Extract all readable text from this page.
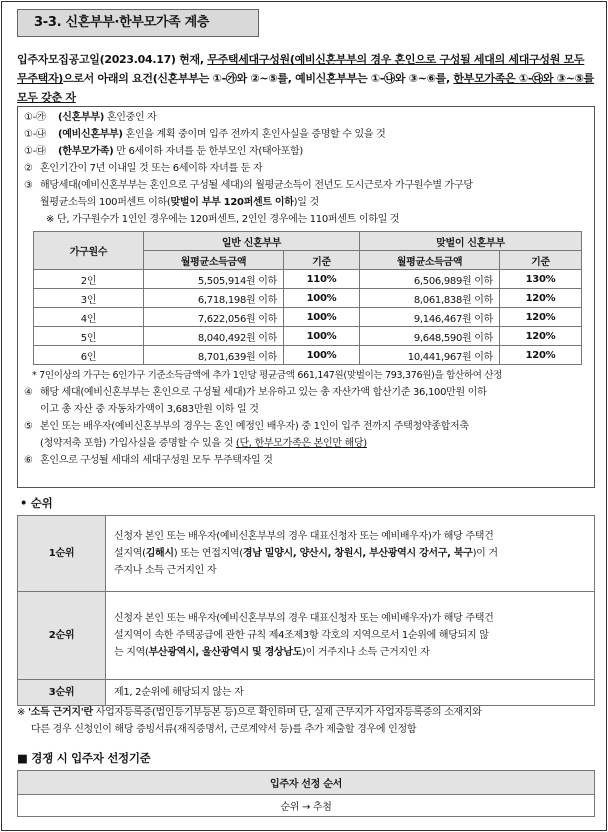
3-3. 신혼부부·한부모가족 계층
입주자모집공고일(2023.04.17) 현재, 무주택세대구성원(예비신혼부부의 경우 혼인으로 구성될 세대의 세대구성원 모두 무주택자)으로서 아래의 요건(신혼부부는 ①-㉮와 ②~⑤를, 예비신혼부부는 ①-㉯와 ③~⑥를, 한부모가족은 ①-㉰와 ③~⑤를 모두 갖춘 자
①-㉮ (신혼부부) 혼인중인 자
①-㉯ (예비신혼부부) 혼인을 계획 중이며 입주 전까지 혼인사실을 증명할 수 있을 것
①-㉰ (한부모가족) 만 6세이하 자녀를 둔 한부모인 자(태아포함)
② 혼인기간이 7년 이내일 것 또는 6세이하 자녀를 둔 자
③ 해당세대(예비신혼부부는 혼인으로 구성될 세대)의 월평균소득이 전년도 도시근로자 가구원수별 가구당
월평균소득의 100퍼센트 이하(맞벌이 부부 120퍼센트 이하)일 것
※ 단, 가구원수가 1인인 경우에는 120퍼센트, 2인인 경우에는 110퍼센트 이하일 것
가구원수	일반 신혼부부		맞벌이 신혼부부	
	월평균소득금액	기준	월평균소득금액	기준
2인	5,505,914원 이하	110%	6,506,989원 이하	130%
3인	6,718,198원 이하	100%	8,061,838원 이하	120%
4인	7,622,056원 이하	100%	9,146,467원 이하	120%
5인	8,040,492원 이하	100%	9,648,590원 이하	120%
6인	8,701,639원 이하	100%	10,441,967원 이하	120%
* 7인이상의 가구는 6인가구 기준소득금액에 추가 1인당 평균금액 661,147원(맞벌이는 793,376원)을 합산하여 산정
④ 해당 세대(예비신혼부부는 혼인으로 구성될 세대)가 보유하고 있는 총 자산가액 합산기준 36,100만원 이하
이고 총 자산 중 자동차가액이 3,683만원 이하 일 것
⑤ 본인 또는 배우자(예비신혼부부의 경우는 혼인 예정인 배우자) 중 1인이 입주 전까지 주택청약종합저축
(청약저축 포함) 가입사실을 증명할 수 있을 것 (단, 한부모가족은 본인만 해당)
⑥ 혼인으로 구성될 세대의 세대구성원 모두 무주택자일 것
• 순위
1순위	신청자 본인 또는 배우자(예비신혼부부의 경우 대표신청자 또는 예비배우자)가 해당 주택건
설지역(김해시) 또는 연접지역(경남 밀양시, 양산시, 창원시, 부산광역시 강서구, 북구)이 거
주지나 소득 근거지인 자

2순위	신청자 본인 또는 배우자(예비신혼부부의 경우 대표신청자 또는 예비배우자)가 해당 주택건
설지역이 속한 주택공급에 관한 규칙 제4조제3항 각호의 지역으로서 1순위에 해당되지 않
는 지역(부산광역시, 울산광역시 및 경상남도)이 거주지나 소득 근거지인 자

3순위	제1, 2순위에 해당되지 않는 자
※ '소득 근거지'란 사업자등록증(법인등기부등본 등)으로 확인하며 단, 실제 근무지가 사업자등록증의 소재지와
다른 경우 신청인이 해당 증빙서류(재직증명서, 근로계약서 등)를 추가 제출할 경우에 인정함
■ 경쟁 시 입주자 선정기준
입주자 선정 순서
순위 → 추첨
